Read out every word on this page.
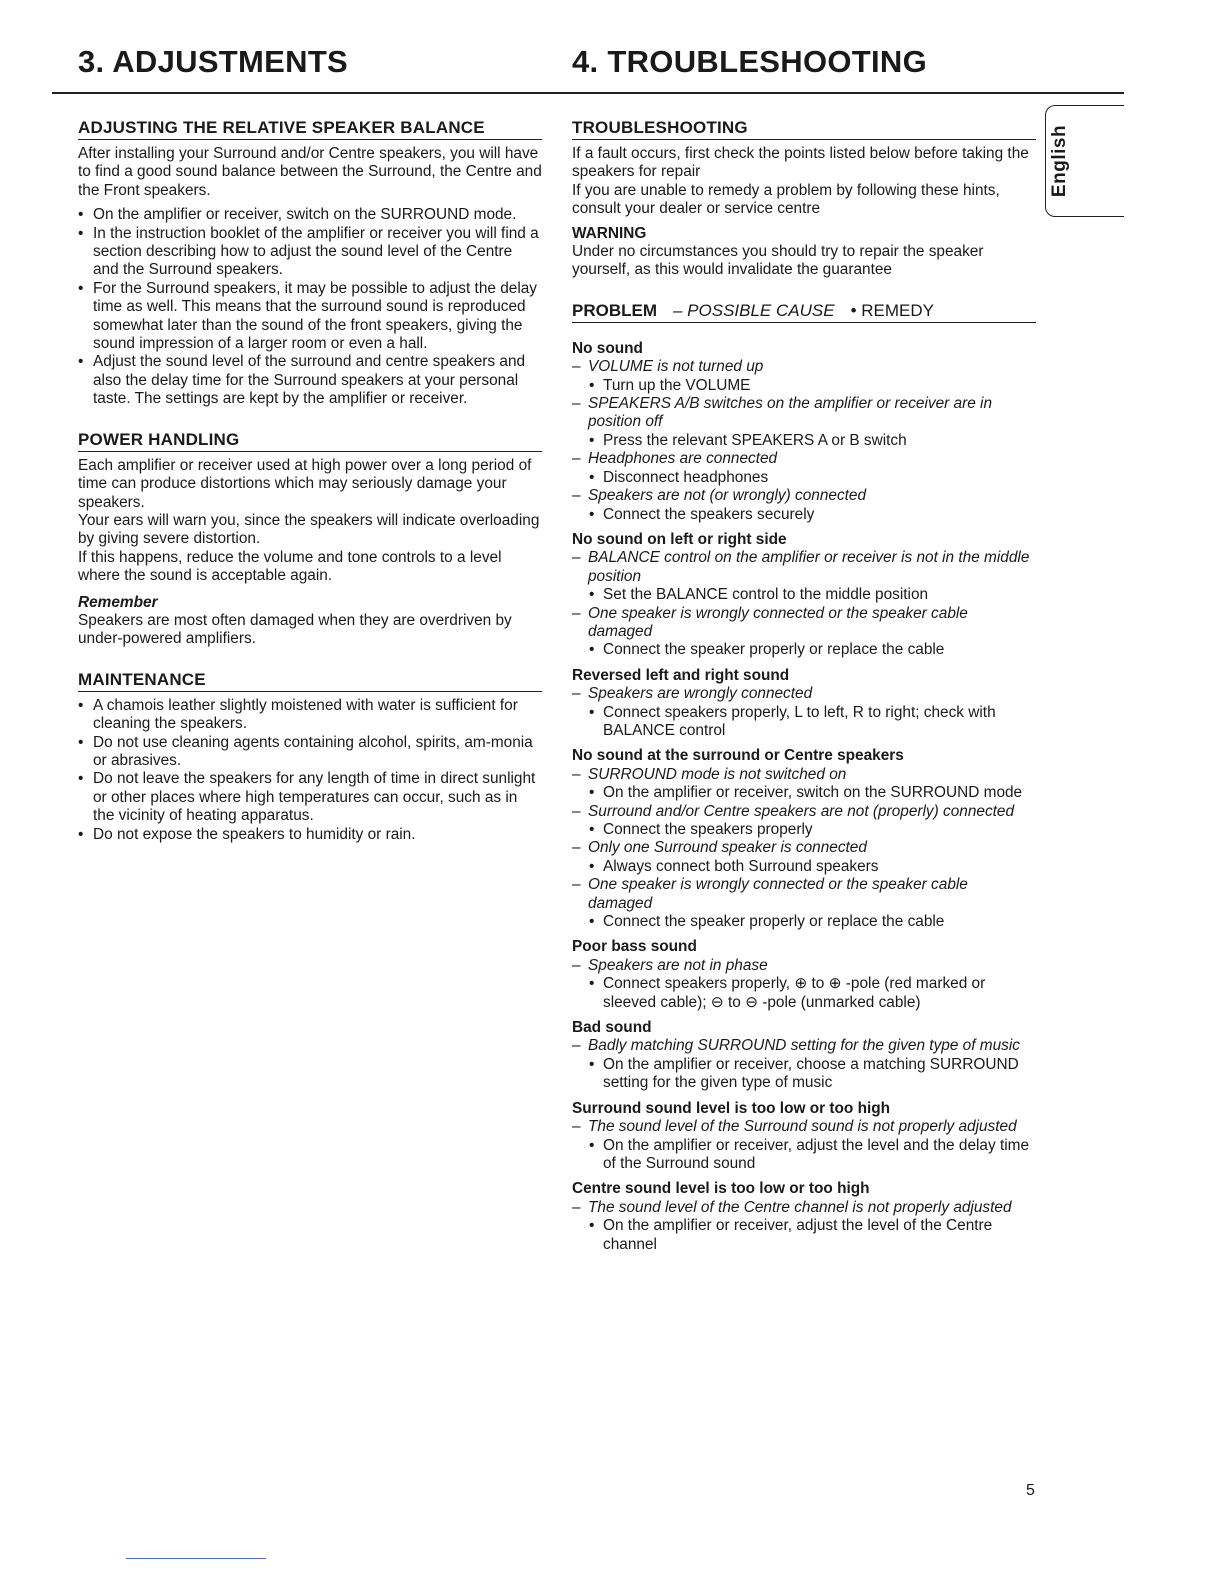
3. ADJUSTMENTS	4. TROUBLESHOOTING
ADJUSTING THE RELATIVE SPEAKER BALANCE

After installing your Surround and/or Centre speakers, you will have to find a good sound balance between the Surround, the Centre and the Front speakers.

• On the amplifier or receiver, switch on the SURROUND mode.
• In the instruction booklet of the amplifier or receiver you will find a section describing how to adjust the sound level of the Centre and the Surround speakers.
• For the Surround speakers, it may be possible to adjust the delay time as well. This means that the surround sound is reproduced somewhat later than the sound of the front speakers, giving the sound impression of a larger room or even a hall.
• Adjust the sound level of the surround and centre speakers and also the delay time for the Surround speakers at your personal taste. The settings are kept by the amplifier or receiver.
POWER HANDLING

Each amplifier or receiver used at high power over a long period of time can produce distortions which may seriously damage your speakers.

Your ears will warn you, since the speakers will indicate overloading by giving severe distortion.

If this happens, reduce the volume and tone controls to a level where the sound is acceptable again.

Remember

Speakers are most often damaged when they are overdriven by under-powered amplifiers.

MAINTENANCE
• A chamois leather slightly moistened with water is sufficient for cleaning the speakers.
• Do not use cleaning agents containing alcohol, spirits, am-monia or abrasives.
• Do not leave the speakers for any length of time in direct sunlight or other places where high temperatures can occur, such as in the vicinity of heating apparatus.
• Do not expose the speakers to humidity or rain.
TROUBLESHOOTING

If a fault occurs, first check the points listed below before taking the speakers for repair

If you are unable to remedy a problem by following these hints, consult your dealer or service centre

WARNING

Under no circumstances you should try to repair the speaker yourself, as this would invalidate the guarantee

PROBLEM – POSSIBLE CAUSE • REMEDY
No sound
– VOLUME is not turned up
• Turn up the VOLUME
– SPEAKERS A/B switches on the amplifier or receiver are in position off
• Press the relevant SPEAKERS A or B switch
– Headphones are connected
• Disconnect headphones
– Speakers are not (or wrongly) connected
• Connect the speakers securely
No sound on left or right side
– BALANCE control on the amplifier or receiver is not in the middle position
• Set the BALANCE control to the middle position
– One speaker is wrongly connected or the speaker cable damaged
• Connect the speaker properly or replace the cable
Reversed left and right sound
– Speakers are wrongly connected
• Connect speakers properly, L to left, R to right; check with BALANCE control
No sound at the surround or Centre speakers
– SURROUND mode is not switched on
• On the amplifier or receiver, switch on the SURROUND mode
– Surround and/or Centre speakers are not (properly) connected
• Connect the speakers properly
– Only one Surround speaker is connected
• Always connect both Surround speakers
– One speaker is wrongly connected or the speaker cable damaged
• Connect the speaker properly or replace the cable
Poor bass sound
– Speakers are not in phase
• Connect speakers properly, ⊕ to ⊕ -pole (red marked or sleeved cable); ⊖ to ⊖ -pole (unmarked cable)
Bad sound
– Badly matching SURROUND setting for the given type of music
• On the amplifier or receiver, choose a matching SURROUND setting for the given type of music
Surround sound level is too low or too high
– The sound level of the Surround sound is not properly adjusted
• On the amplifier or receiver, adjust the level and the delay time of the Surround sound
Centre sound level is too low or too high
– The sound level of the Centre channel is not properly adjusted
• On the amplifier or receiver, adjust the level of the Centre channel
English
5
